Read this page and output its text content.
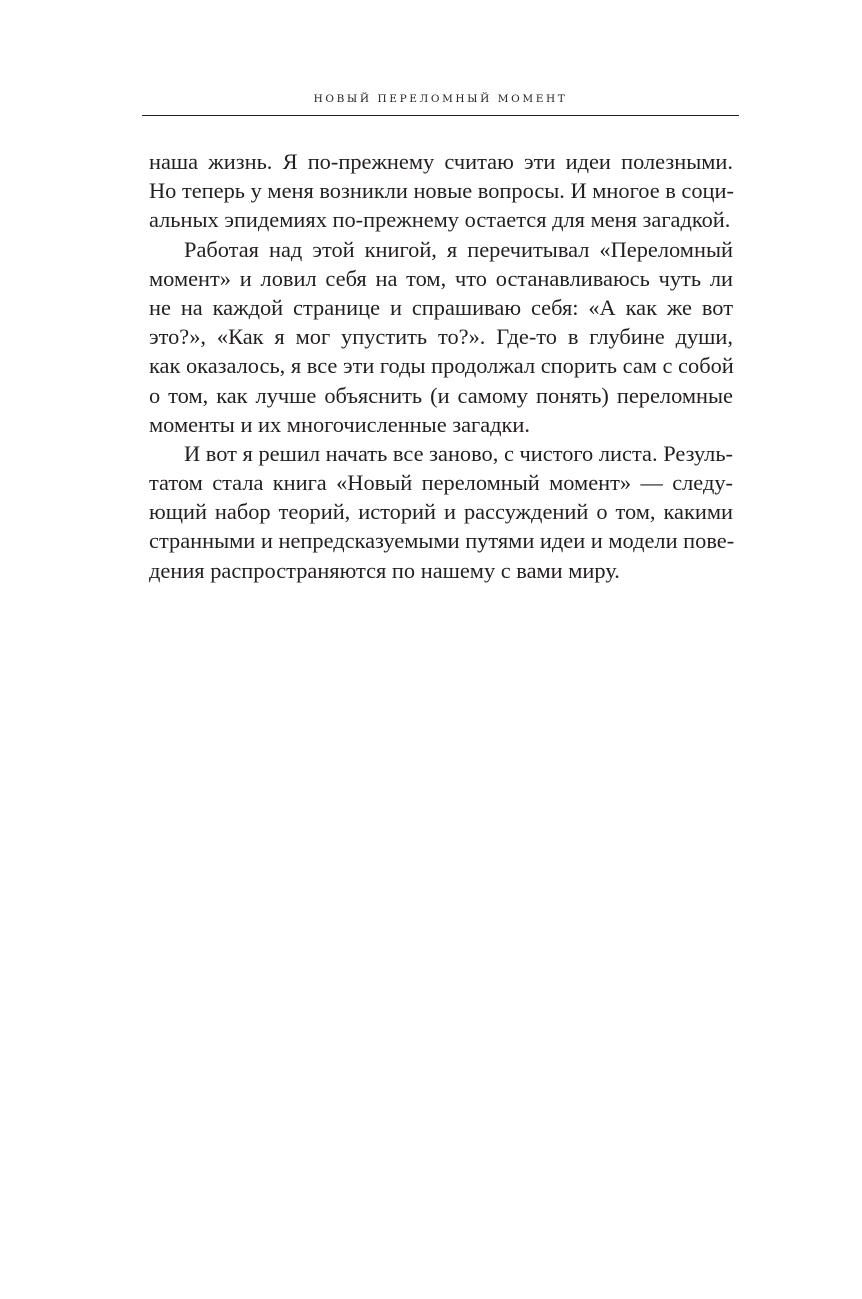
НОВЫЙ ПЕРЕЛОМНЫЙ МОМЕНТ
наша жизнь. Я по-прежнему считаю эти идеи полезными.
Но теперь у меня возникли новые вопросы. И многое в соци-
альных эпидемиях по-прежнему остается для меня загадкой.
Работая над этой книгой, я перечитывал «Переломный
момент» и ловил себя на том, что останавливаюсь чуть ли
не на каждой странице и спрашиваю себя: «А как же вот
это?», «Как я мог упустить то?». Где-то в глубине души,
как оказалось, я все эти годы продолжал спорить сам с собой
о том, как лучше объяснить (и самому понять) переломные
моменты и их многочисленные загадки.
И вот я решил начать все заново, с чистого листа. Резуль-
татом стала книга «Новый переломный момент» — следу-
ющий набор теорий, историй и рассуждений о том, какими
странными и непредсказуемыми путями идеи и модели пове-
дения распространяются по нашему с вами миру.
